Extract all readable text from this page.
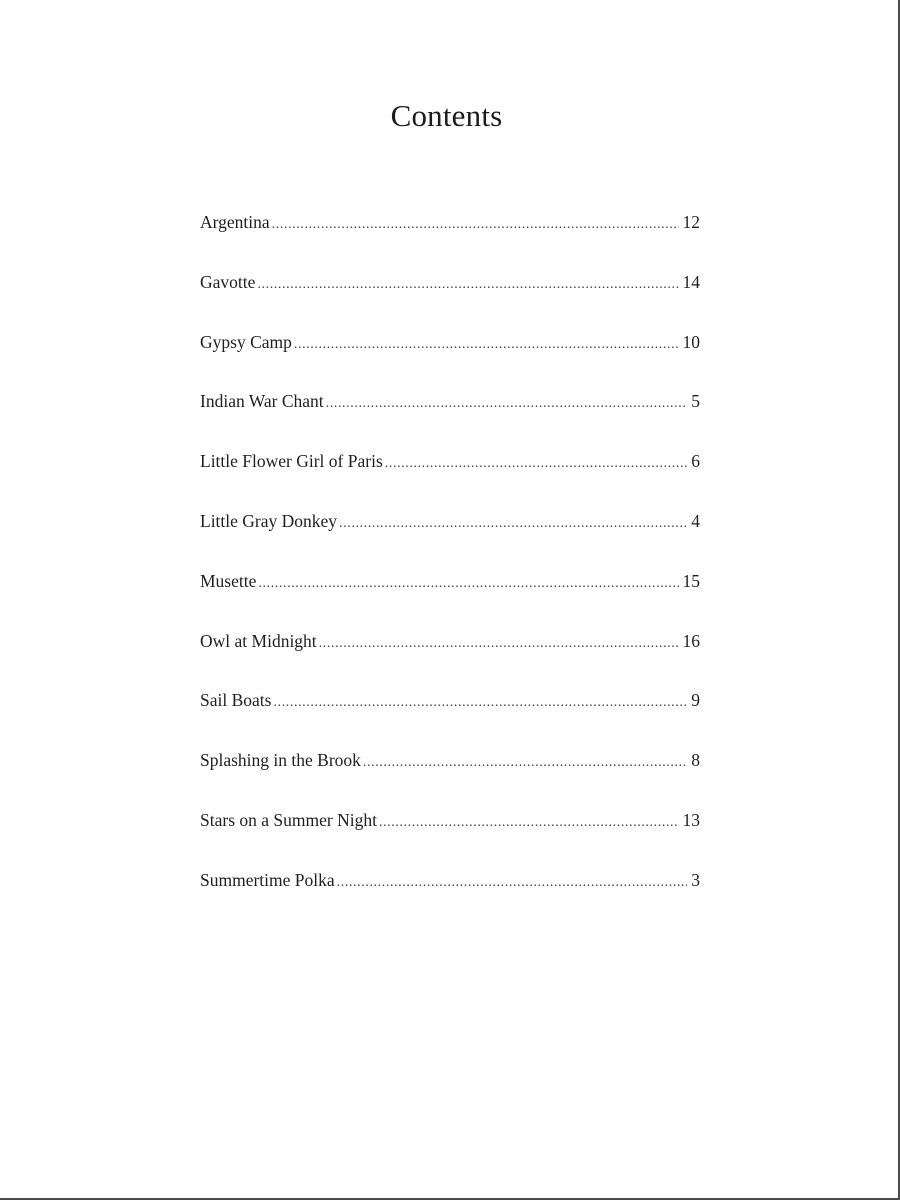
Contents
Argentina .....	12
Gavotte .....	14
Gypsy Camp .....	10
Indian War Chant .....	5
Little Flower Girl of Paris .....	6
Little Gray Donkey .....	4
Musette .....	15
Owl at Midnight .....	16
Sail Boats .....	9
Splashing in the Brook .....	8
Stars on a Summer Night .....	13
Summertime Polka .....	3
